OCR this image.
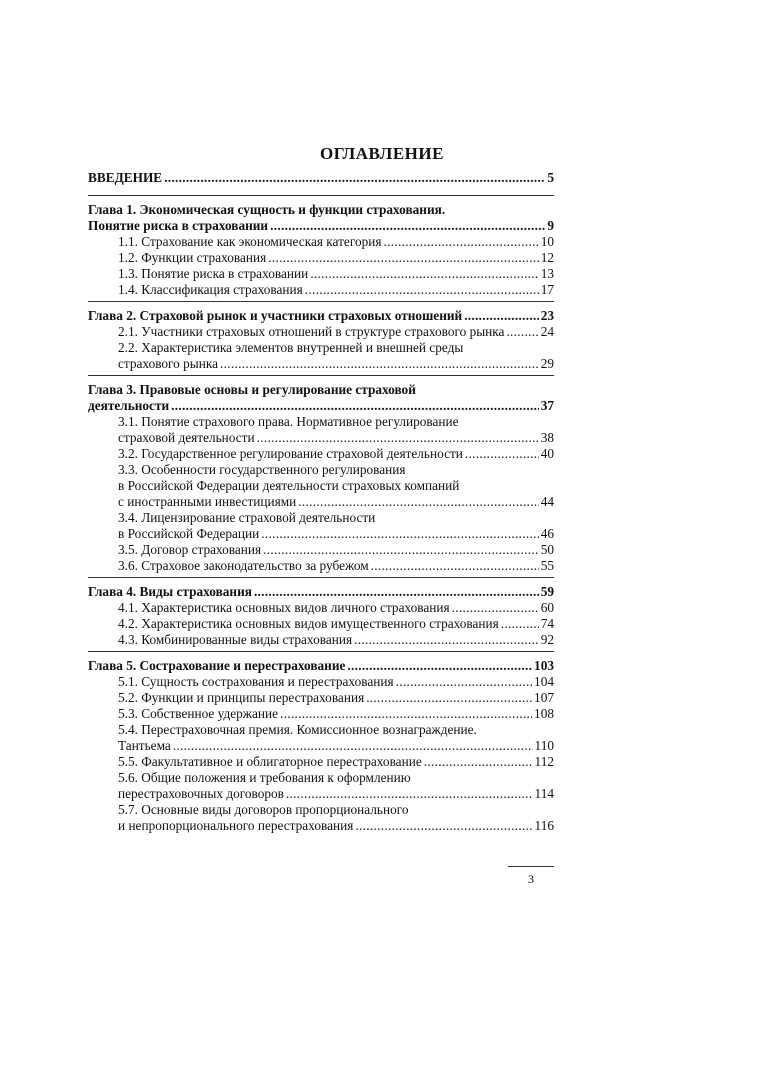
ОГЛАВЛЕНИЕ
ВВЕДЕНИЕ .....	5
Глава 1. Экономическая сущность и функции страхования.
Понятие риска в страховании .....	9
1.1. Страхование как экономическая категория .....	10
1.2. Функции страхования .....	12
1.3. Понятие риска в страховании .....	13
1.4. Классификация страхования .....	17
Глава 2. Страховой рынок и участники страховых отношений .....	23
2.1. Участники страховых отношений в структуре страхового рынка .....	24
2.2. Характеристика элементов внутренней и внешней среды
страхового рынка .....	29
Глава 3. Правовые основы и регулирование страховой
деятельности .....	37
3.1. Понятие страхового права. Нормативное регулирование
страховой деятельности .....	38
3.2. Государственное регулирование страховой деятельности .....	40
3.3. Особенности государственного регулирования
в Российской Федерации деятельности страховых компаний
с иностранными инвестициями .....	44
3.4. Лицензирование страховой деятельности
в Российской Федерации .....	46
3.5. Договор страхования .....	50
3.6. Страховое законодательство за рубежом .....	55
Глава 4. Виды страхования .....	59
4.1. Характеристика основных видов личного страхования .....	60
4.2. Характеристика основных видов имущественного страхования .....	74
4.3. Комбинированные виды страхования .....	92
Глава 5. Сострахование и перестрахование .....	103
5.1. Сущность сострахования и перестрахования .....	104
5.2. Функции и принципы перестрахования .....	107
5.3. Собственное удержание .....	108
5.4. Перестраховочная премия. Комиссионное вознаграждение.
Тантьема .....	110
5.5. Факультативное и облигаторное перестрахование .....	112
5.6. Общие положения и требования к оформлению
перестраховочных договоров .....	114
5.7. Основные виды договоров пропорционального
и непропорционального перестрахования .....	116
3
